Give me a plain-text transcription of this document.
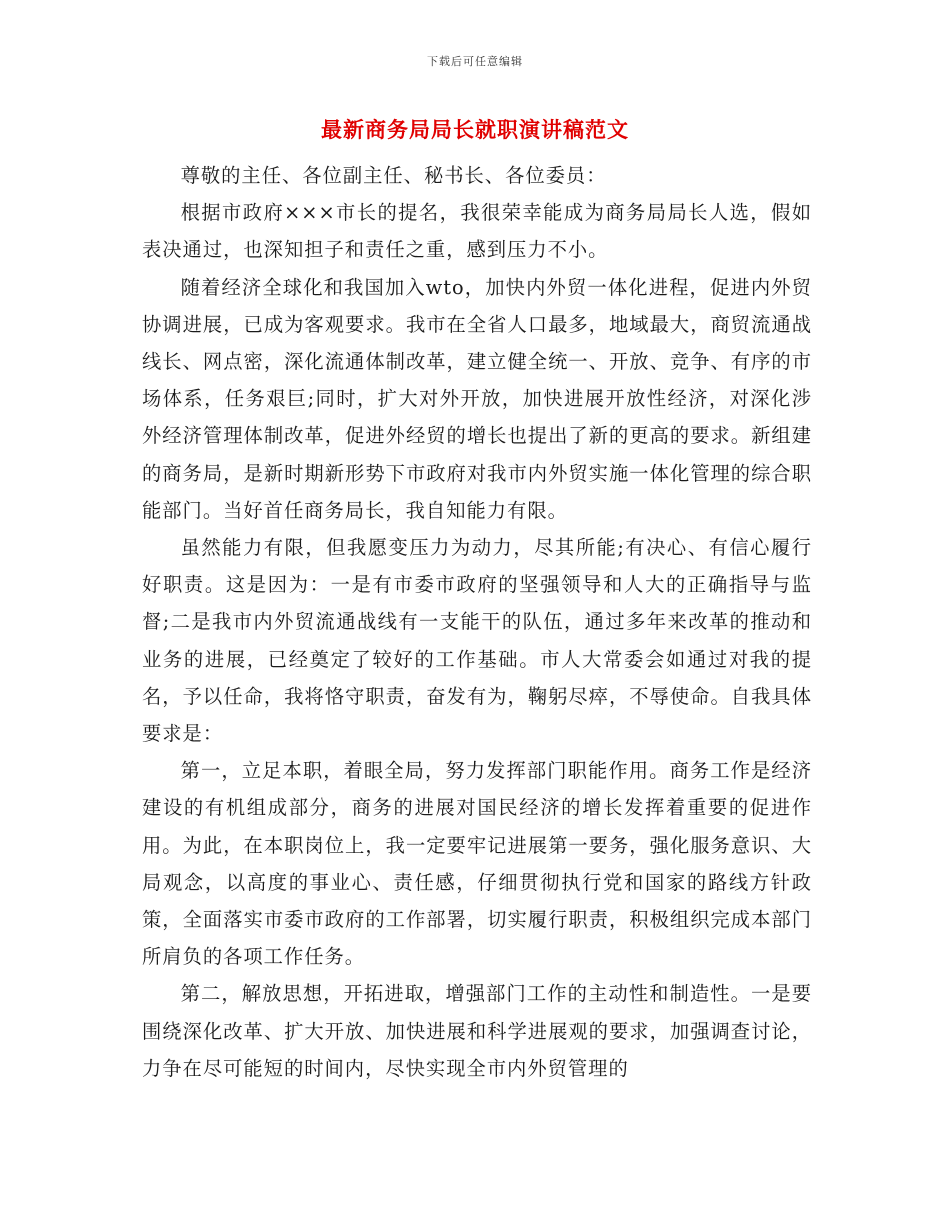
下载后可任意编辑
最新商务局局长就职演讲稿范文

尊敬的主任、各位副主任、秘书长、各位委员：

根据市政府×××市长的提名，我很荣幸能成为商务局局长人选，假如表决通过，也深知担子和责任之重，感到压力不小。

随着经济全球化和我国加入wto，加快内外贸一体化进程，促进内外贸协调进展，已成为客观要求。我市在全省人口最多，地域最大，商贸流通战线长、网点密，深化流通体制改革，建立健全统一、开放、竞争、有序的市场体系，任务艰巨;同时，扩大对外开放，加快进展开放性经济，对深化涉外经济管理体制改革，促进外经贸的增长也提出了新的更高的要求。新组建的商务局，是新时期新形势下市政府对我市内外贸实施一体化管理的综合职能部门。当好首任商务局长，我自知能力有限。

虽然能力有限，但我愿变压力为动力，尽其所能;有决心、有信心履行好职责。这是因为：一是有市委市政府的坚强领导和人大的正确指导与监督;二是我市内外贸流通战线有一支能干的队伍，通过多年来改革的推动和业务的进展，已经奠定了较好的工作基础。市人大常委会如通过对我的提名，予以任命，我将恪守职责，奋发有为，鞠躬尽瘁，不辱使命。自我具体要求是：

第一，立足本职，着眼全局，努力发挥部门职能作用。商务工作是经济建设的有机组成部分，商务的进展对国民经济的增长发挥着重要的促进作用。为此，在本职岗位上，我一定要牢记进展第一要务，强化服务意识、大局观念，以高度的事业心、责任感，仔细贯彻执行党和国家的路线方针政策，全面落实市委市政府的工作部署，切实履行职责，积极组织完成本部门所肩负的各项工作任务。

第二，解放思想，开拓进取，增强部门工作的主动性和制造性。一是要围绕深化改革、扩大开放、加快进展和科学进展观的要求，加强调查讨论，力争在尽可能短的时间内，尽快实现全市内外贸管理的
